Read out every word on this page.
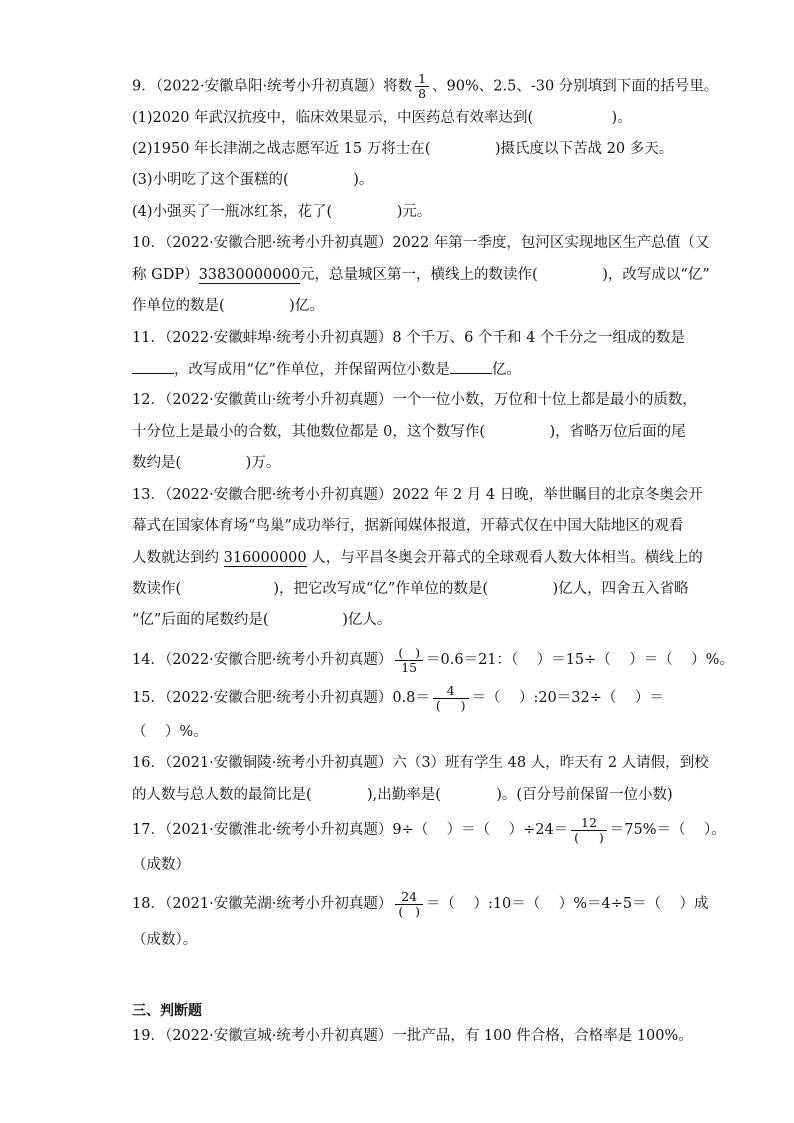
9．（2022·安徽阜阳·统考小升初真题）将数 $\frac{1}{8}$ 、90%、2.5、-30 分别填到下面的括号里。
(1)2020 年武汉抗疫中，临床效果显示，中医药总有效率达到(                 )。
(2)1950 年长津湖之战志愿军近 15 万将士在(              )摄氏度以下苦战 20 多天。
(3)小明吃了这个蛋糕的(              )。
(4)小强买了一瓶冰红茶，花了(              )元。
10．（2022·安徽合肥·统考小升初真题）2022 年第一季度，包河区实现地区生产总值（又
称 GDP）33830000000元，总量城区第一，横线上的数读作(              )，改写成以“亿”
作单位的数是(              )亿。
11．（2022·安徽蚌埠·统考小升初真题）8 个千万、6 个千和 4 个千分之一组成的数是
，改写成用“亿”作单位，并保留两位小数是	亿。
12．（2022·安徽黄山·统考小升初真题）一个一位小数，万位和十位上都是最小的质数，
十分位上是最小的合数，其他数位都是 0，这个数写作(              )，省略万位后面的尾
数约是(              )万。
13．（2022·安徽合肥·统考小升初真题）2022 年 2 月 4 日晚，举世瞩目的北京冬奥会开
幕式在国家体育场“鸟巢”成功举行，据新闻媒体报道，开幕式仅在中国大陆地区的观看
人数就达到约 316000000 人，与平昌冬奥会开幕式的全球观看人数大体相当。横线上的
数读作(                    )，把它改写成“亿”作单位的数是(              )亿人，四舍五入省略
“亿”后面的尾数约是(                )亿人。
14．（2022·安徽合肥·统考小升初真题） $\frac{( )}{15} =0.6=21$：（    ）＝15÷（    ）＝（    ）%。
15．（2022·安徽合肥·统考小升初真题）$0.8= \frac{4}{( )}$ ＝（    ）:20＝32÷（    ）＝
（    ）%。
16．（2021·安徽铜陵·统考小升初真题）六（3）班有学生 48 人，昨天有 2 人请假，到校
的人数与总人数的最简比是(            ),出勤率是(            )。(百分号前保留一位小数)
17．（2021·安徽淮北·统考小升初真题）9÷（    ）＝（    ）$\div 24= \frac{12}{( )} =75\%=$（    ）。
（成数）
18．（2021·安徽芜湖·统考小升初真题） $\frac{24}{( )}$ ＝（    ）:10＝（    ）%＝4÷5＝（    ）成
（成数）。
三、判断题
19．（2022·安徽宣城·统考小升初真题）一批产品，有 100 件合格，合格率是 100%。
